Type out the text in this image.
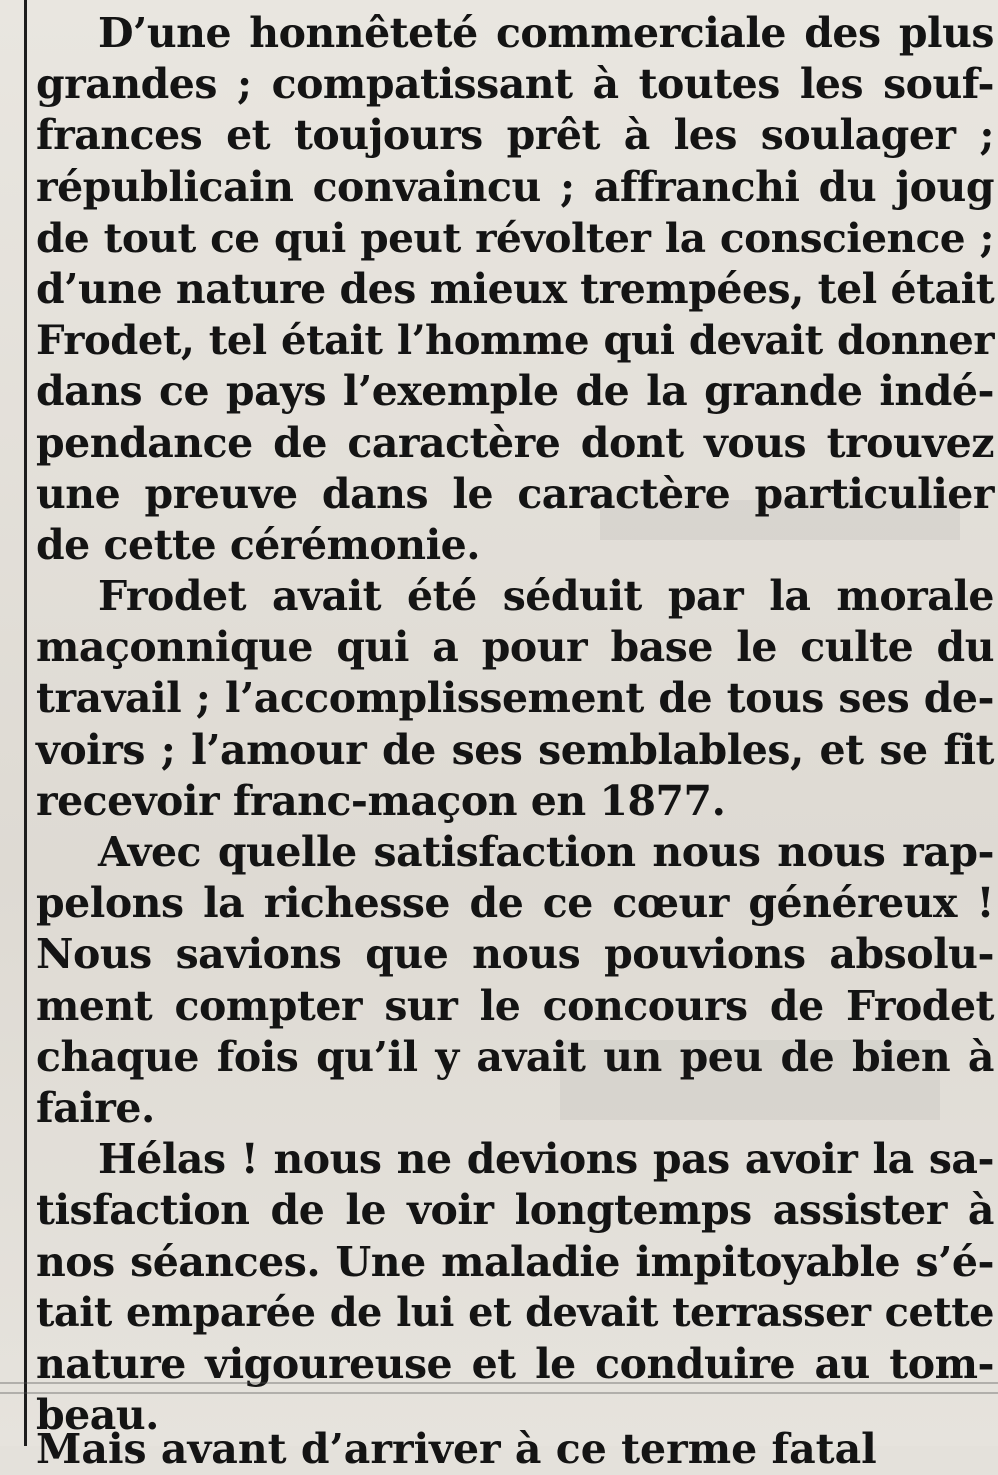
D’une honnêteté commerciale des plus
grandes ; compatissant à toutes les souf-
frances et toujours prêt à les soulager ;
républicain convaincu ; affranchi du joug
de tout ce qui peut révolter la conscience ;
d’une nature des mieux trempées, tel était
Frodet, tel était l’homme qui devait donner
dans ce pays l’exemple de la grande indé-
pendance de caractère dont vous trouvez
une preuve dans le caractère particulier
de cette cérémonie.
Frodet avait été séduit par la morale
maçonnique qui a pour base le culte du
travail ; l’accomplissement de tous ses de-
voirs ; l’amour de ses semblables, et se fit
recevoir franc-maçon en 1877.
Avec quelle satisfaction nous nous rap-
pelons la richesse de ce cœur généreux !
Nous savions que nous pouvions absolu-
ment compter sur le concours de Frodet
chaque fois qu’il y avait un peu de bien à
faire.
Hélas ! nous ne devions pas avoir la sa-
tisfaction de le voir longtemps assister à
nos séances. Une maladie impitoyable s’é-
tait emparée de lui et devait terrasser cette
nature vigoureuse et le conduire au tom-
beau.
Mais avant d’arriver à ce terme fatal
